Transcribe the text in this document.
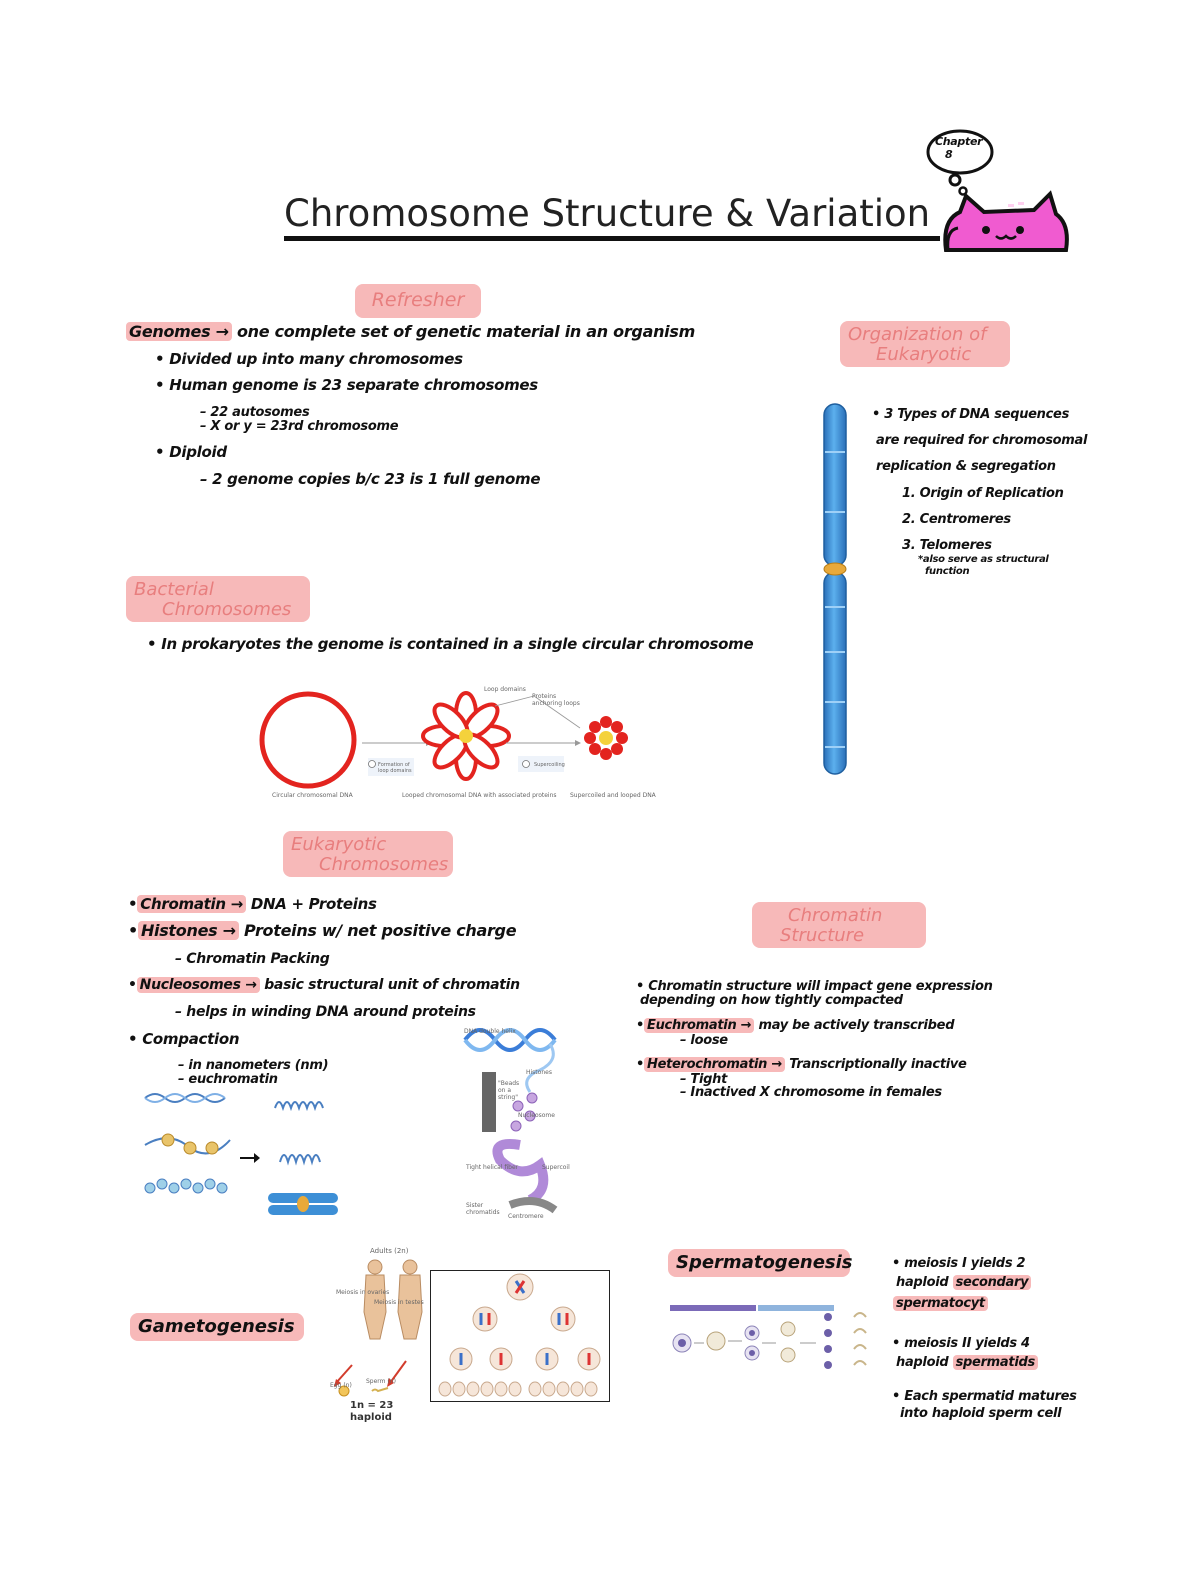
Chromosome Structure & Variation
Chapter
8
Refresher
Genomes → one complete set of genetic material in an organism
• Divided up into many chromosomes
• Human genome is 23 separate chromosomes
– 22 autosomes
– X or y = 23rd chromosome
• Diploid
– 2 genome copies b/c 23 is 1 full genome
Organization of
Eukaryotic
• 3 Types of DNA sequences
are required for chromosomal
replication & segregation
1. Origin of Replication
2. Centromeres
3. Telomeres
*also serve as structural
function
Bacterial
Chromosomes
• In prokaryotes the genome is contained in a single circular chromosome
Circular chromosomal DNA	Looped chromosomal DNA with associated proteins Supercoiled and looped DNA
Formation of loop domains
Supercoiling
Loop domains
Proteins anchoring loops
Eukaryotic
Chromosomes
• Chromatin → DNA + Proteins
• Histones → Proteins w/ net positive charge
– Chromatin Packing
• Nucleosomes → basic structural unit of chromatin
– helps in winding DNA around proteins
• Compaction
– in nanometers (nm)
– euchromatin
DNA double helix
Histones
"Beads on a string"
Nucleosome
Tight helical fiber	Supercoil
Sister chromatids
Centromere
Chromatin
Structure
• Chromatin structure will impact gene expression
depending on how tightly compacted
• Euchromatin → may be actively transcribed
– loose
• Heterochromatin → Transcriptionally inactive
– Tight
– Inactived X chromosome in females
Gametogenesis
Adults (2n)
Meiosis in ovaries
Meiosis in testes
Egg (n)
Sperm (n)
1n = 23
haploid
Spermatogenesis	• meiosis I yields 2
haploid secondary
spermatocyt
• meiosis II yields 4
haploid spermatids
• Each spermatid matures
into haploid sperm cell
